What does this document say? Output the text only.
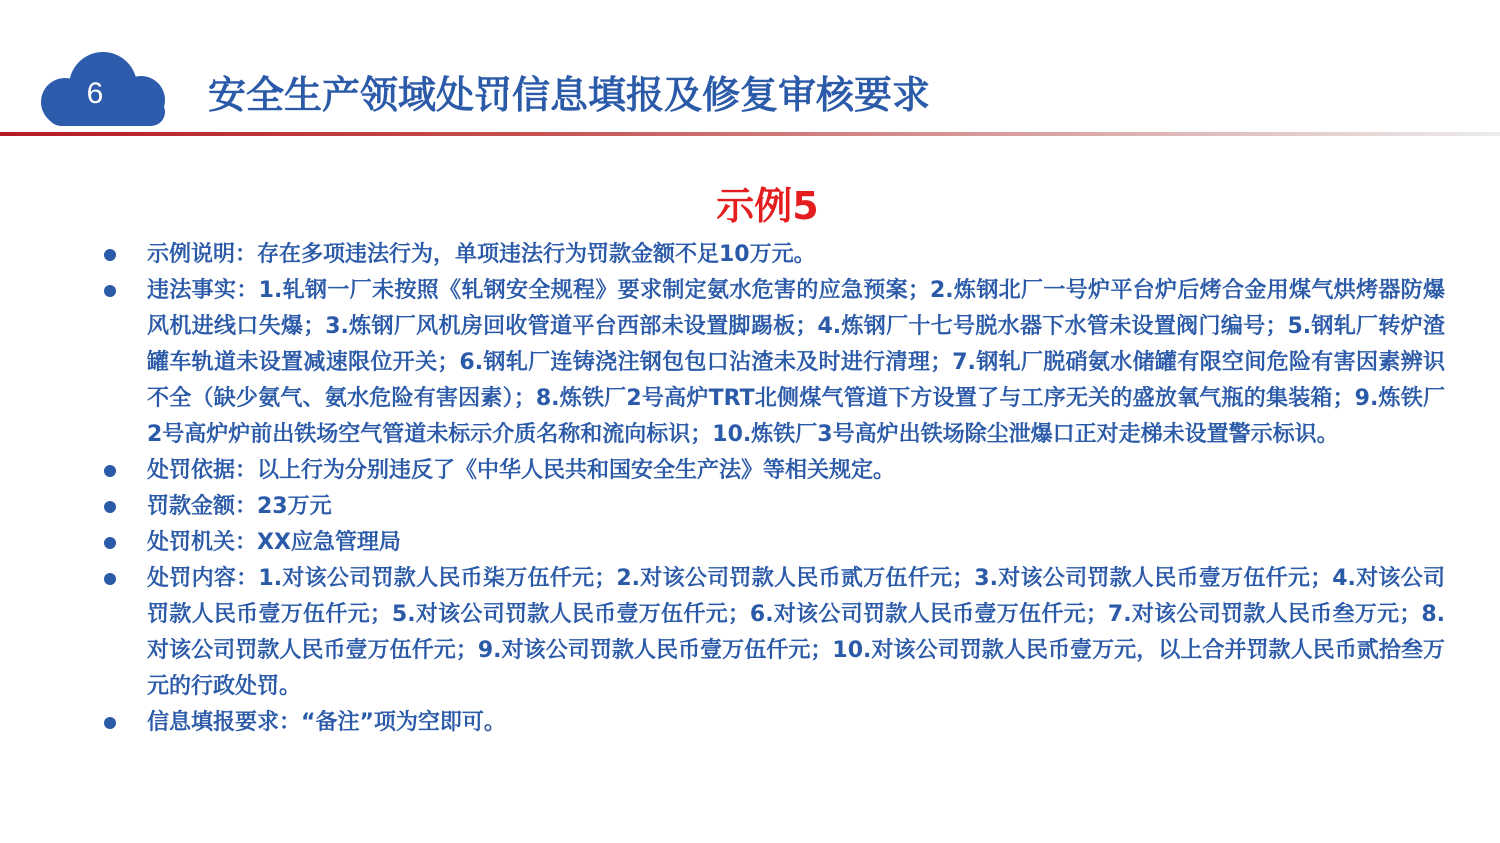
6	安全生产领域处罚信息填报及修复审核要求
示例5
示例说明：存在多项违法行为，单项违法行为罚款金额不足10万元。
违法事实：1.轧钢一厂未按照《轧钢安全规程》要求制定氨水危害的应急预案；2.炼钢北厂一号炉平台炉后烤合金用煤气烘烤器防爆风机进线口失爆；3.炼钢厂风机房回收管道平台西部未设置脚踢板；4.炼钢厂十七号脱水器下水管未设置阀门编号；5.钢轧厂转炉渣罐车轨道未设置减速限位开关；6.钢轧厂连铸浇注钢包包口沾渣未及时进行清理；7.钢轧厂脱硝氨水储罐有限空间危险有害因素辨识不全（缺少氨气、氨水危险有害因素）；8.炼铁厂2号高炉TRT北侧煤气管道下方设置了与工序无关的盛放氧气瓶的集装箱；9.炼铁厂2号高炉炉前出铁场空气管道未标示介质名称和流向标识；10.炼铁厂3号高炉出铁场除尘泄爆口正对走梯未设置警示标识。
处罚依据：以上行为分别违反了《中华人民共和国安全生产法》等相关规定。
罚款金额：23万元
处罚机关：XX应急管理局
处罚内容：1.对该公司罚款人民币柒万伍仟元；2.对该公司罚款人民币贰万伍仟元；3.对该公司罚款人民币壹万伍仟元；4.对该公司罚款人民币壹万伍仟元；5.对该公司罚款人民币壹万伍仟元；6.对该公司罚款人民币壹万伍仟元；7.对该公司罚款人民币叁万元；8.对该公司罚款人民币壹万伍仟元；9.对该公司罚款人民币壹万伍仟元；10.对该公司罚款人民币壹万元，以上合并罚款人民币贰拾叁万元的行政处罚。
信息填报要求：“备注”项为空即可。
